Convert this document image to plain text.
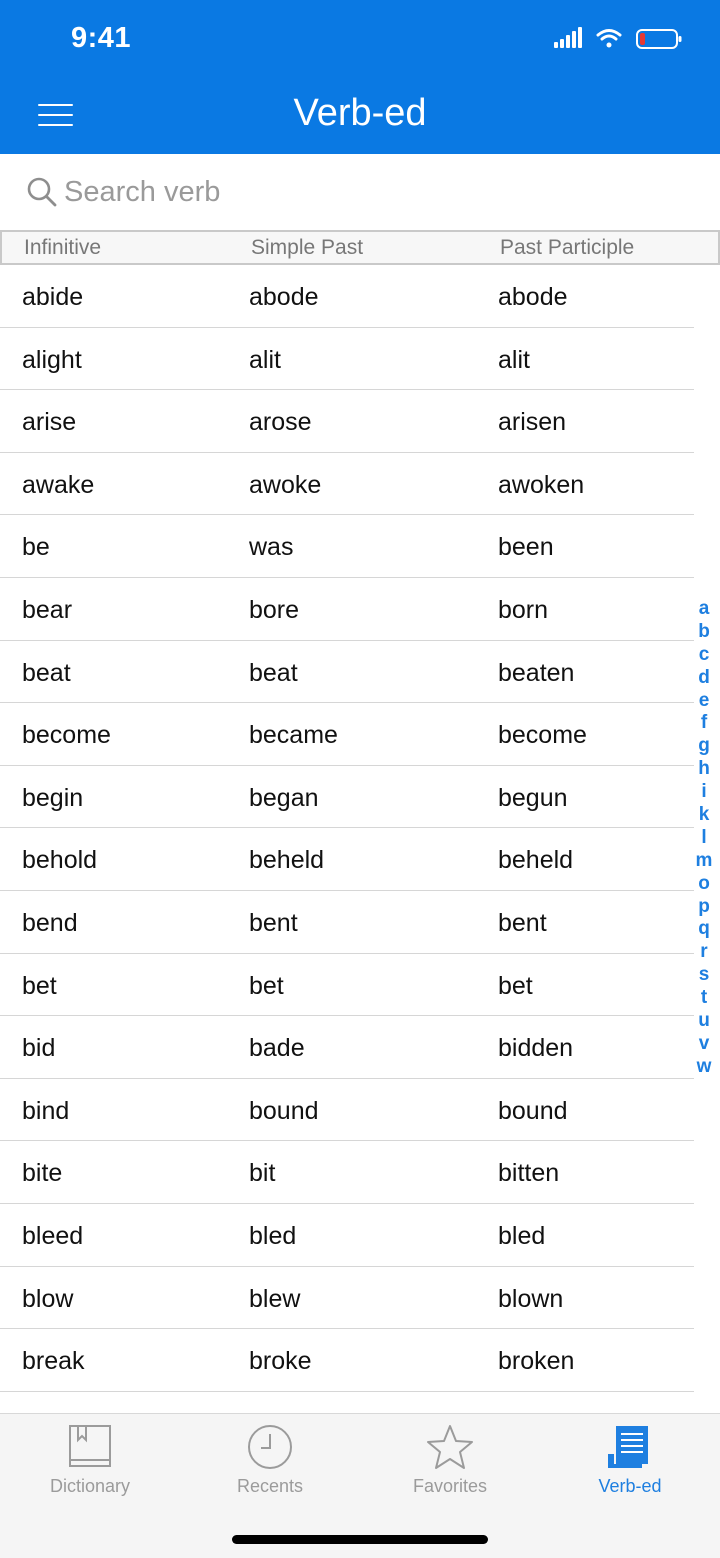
9:41
Verb-ed
Search verb
Infinitive	Simple Past	Past Participle
abide	abode	abode
alight	alit	alit
arise	arose	arisen
awake	awoke	awoken
be	was	been
bear	bore	born
beat	beat	beaten
become	became	become
begin	began	begun
behold	beheld	beheld
bend	bent	bent
bet	bet	bet
bid	bade	bidden
bind	bound	bound
bite	bit	bitten
bleed	bled	bled
blow	blew	blown
break	broke	broken
a
b
c
d
e
f
g
h
i
k
l
m
o
p
q
r
s
t
u
v
w
Dictionary	Recents	Favorites	Verb-ed
